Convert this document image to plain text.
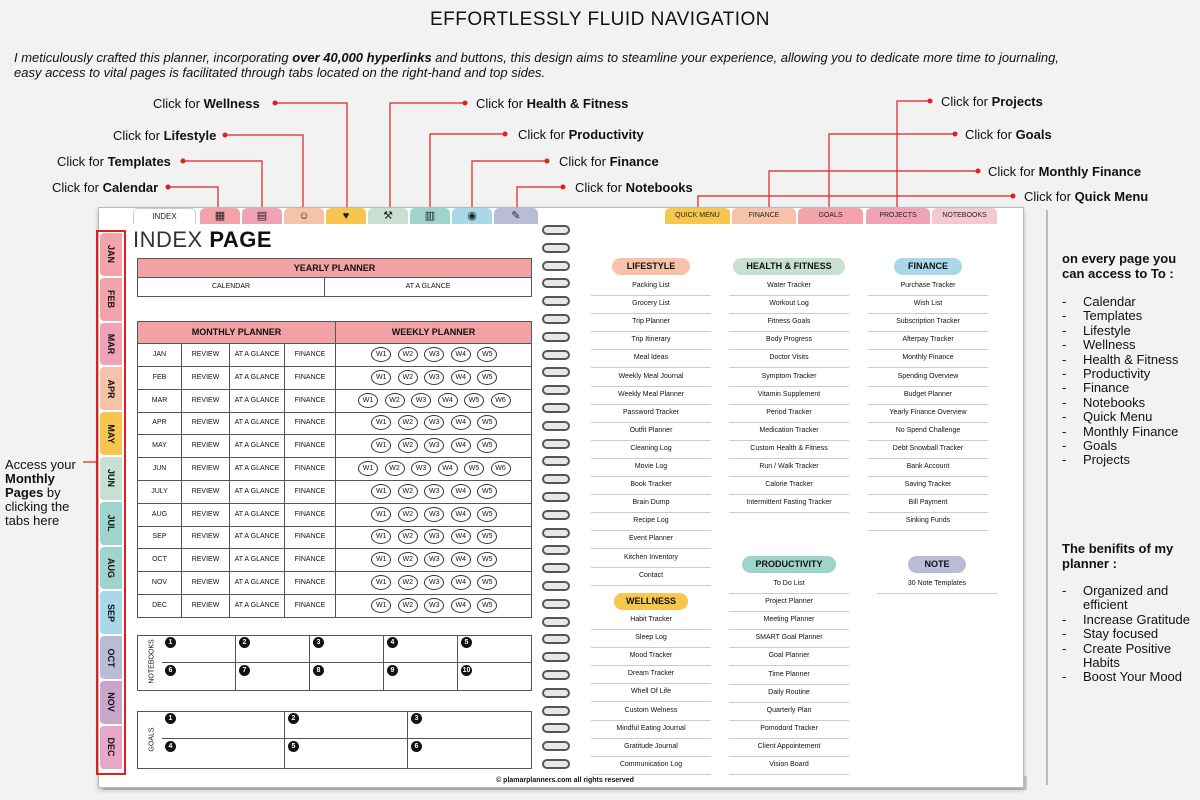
EFFORTLESSLY FLUID NAVIGATION
I meticulously crafted this planner, incorporating over 40,000 hyperlinks and buttons, this design aims to steamline your experience, allowing you to dedicate more time to journaling,
easy access to vital pages is facilitated through tabs located on the right-hand and top sides.
Click for Wellness
Click for Lifestyle
Click for Templates
Click for Calendar
Click for Health & Fitness
Click for Productivity
Click for Finance
Click for Notebooks
Click for Projects
Click for Goals
Click for Monthly Finance
Click for Quick Menu
INDEX	▦	▤	☺	♥	⚒	▥	◉	✎	QUICK MENU	FINANCE	GOALS	PROJECTS	NOTEBOOKS
JAN
FEB
MAR
APR
MAY
JUN
JUL
AUG
SEP
OCT
NOV
DEC
INDEX PAGE
YEARLY PLANNER
CALENDAR	AT A GLANCE
MONTHLY PLANNER	WEEKLY PLANNER
JAN	REVIEW	AT A GLANCE	FINANCE	W1	W2	W3	W4	W5
FEB	REVIEW	AT A GLANCE	FINANCE	W1	W2	W3	W4	W5
MAR	REVIEW	AT A GLANCE	FINANCE	W1	W2	W3	W4	W5	W6
APR	REVIEW	AT A GLANCE	FINANCE	W1	W2	W3	W4	W5
MAY	REVIEW	AT A GLANCE	FINANCE	W1	W2	W3	W4	W5
JUN	REVIEW	AT A GLANCE	FINANCE	W1	W2	W3	W4	W5	W6
JULY	REVIEW	AT A GLANCE	FINANCE	W1	W2	W3	W4	W5
AUG	REVIEW	AT A GLANCE	FINANCE	W1	W2	W3	W4	W5
SEP	REVIEW	AT A GLANCE	FINANCE	W1	W2	W3	W4	W5
OCT	REVIEW	AT A GLANCE	FINANCE	W1	W2	W3	W4	W5
NOV	REVIEW	AT A GLANCE	FINANCE	W1	W2	W3	W4	W5
DEC	REVIEW	AT A GLANCE	FINANCE	W1	W2	W3	W4	W5
NOTEBOOKS	1	2	3	4	5
6	7	8	9	10
GOALS
1	2	3
4	5	6
LIFESTYLE
Packing List
Grocery List
Trip Planner
Trip Itinerary
Meal Ideas
Weekly Meal Journal
Weekly Meal Planner
Password Tracker
Outfit Planner
Cleaning Log
Movie Log
Book Tracker
Brain Dump
Recipe Log
Event Planner
Kitchen Inventory
Contact
WELLNESS
Habit Tracker
Sleep Log
Mood Tracker
Dream Tracker
Whell Of Life
Custom Welness
Mindful Eating Journal
Gratitude Journal
Communication Log
HEALTH & FITNESS
Water Tracker
Workout Log
Fitness Goals
Body Progress
Doctor Visits
Symptom Tracker
Vitamin Supplement
Period Tracker
Medication Tracker
Custom Health & Fitness
Run / Walk Tracker
Calorie Tracker
Intermittent Fasting Tracker
PRODUCTIVITY
To Do List
Project Planner
Meeting Planner
SMART Goal Planner
Goal Planner
Time Planner
Daily Routine
Quarterly Plan
Pomodord Tracker
Client Appointement
Vision Board
FINANCE
Purchase Tracker
Wish List
Subscription Tracker
Afterpay Tracker
Monthly Finance
Spending Overview
Budget Planner
Yearly Finance Overview
No Spend Challenge
Debt Snowball Tracker
Bank Account
Saving Tracker
Bill Payment
Sinking Funds
NOTE
30 Note Templates
© plamarplanners.com all rights reserved
Access your Monthly Pages by clicking the tabs here
on every page you can access to To :
- Calendar
- Templates
- Lifestyle
- Wellness
- Health & Fitness
- Productivity
- Finance
- Notebooks
- Quick Menu
- Monthly Finance
- Goals
- Projects
The benifits of my planner :
-	Organized and efficient
-	Increase Gratitude
-	Stay focused
-	Create Positive Habits
-	Boost Your Mood
